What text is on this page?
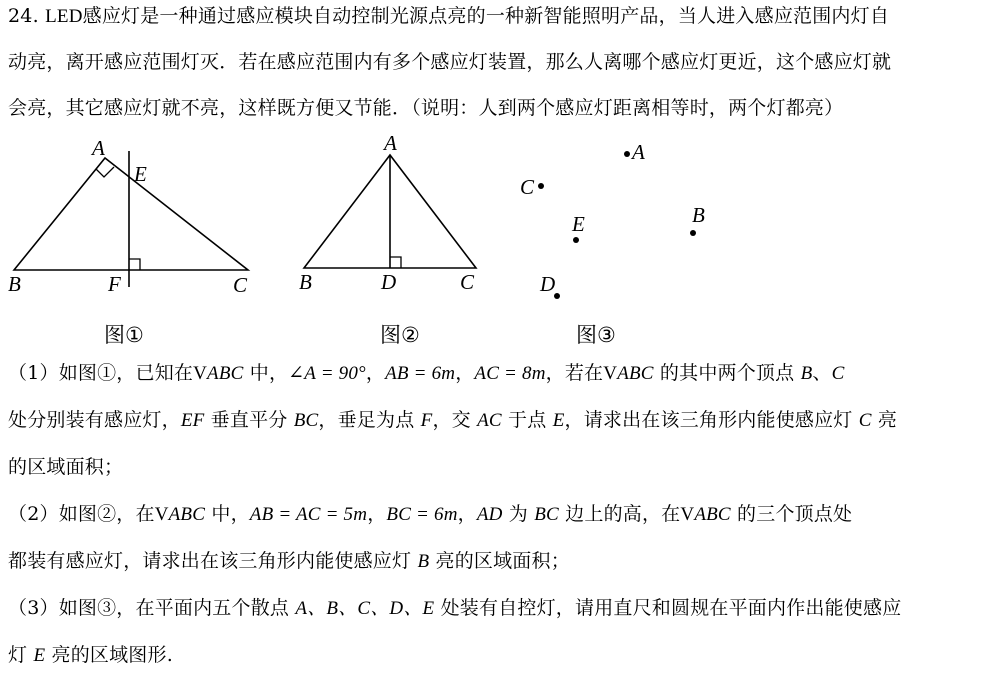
24. LED感应灯是一种通过感应模块自动控制光源点亮的一种新智能照明产品，当人进入感应范围内灯自
动亮，离开感应范围灯灭．若在感应范围内有多个感应灯装置，那么人离哪个感应灯更近，这个感应灯就
会亮，其它感应灯就不亮，这样既方便又节能．（说明：人到两个感应灯距离相等时，两个灯都亮）
A
E
B	F	C
图①
A
B	D	C
图②
A
C
E	B
D
图③
（1）如图①，已知在VABC 中，∠A = 90°，AB = 6m，AC = 8m，若在VABC 的其中两个顶点 B、C
处分别装有感应灯，EF 垂直平分 BC，垂足为点 F，交 AC 于点 E，请求出在该三角形内能使感应灯 C 亮
的区域面积；
（2）如图②，在VABC 中，AB = AC = 5m，BC = 6m，AD 为 BC 边上的高，在VABC 的三个顶点处
都装有感应灯，请求出在该三角形内能使感应灯 B 亮的区域面积；
（3）如图③，在平面内五个散点 A、B、C、D、E 处装有自控灯，请用直尺和圆规在平面内作出能使感应
灯 E 亮的区域图形.
